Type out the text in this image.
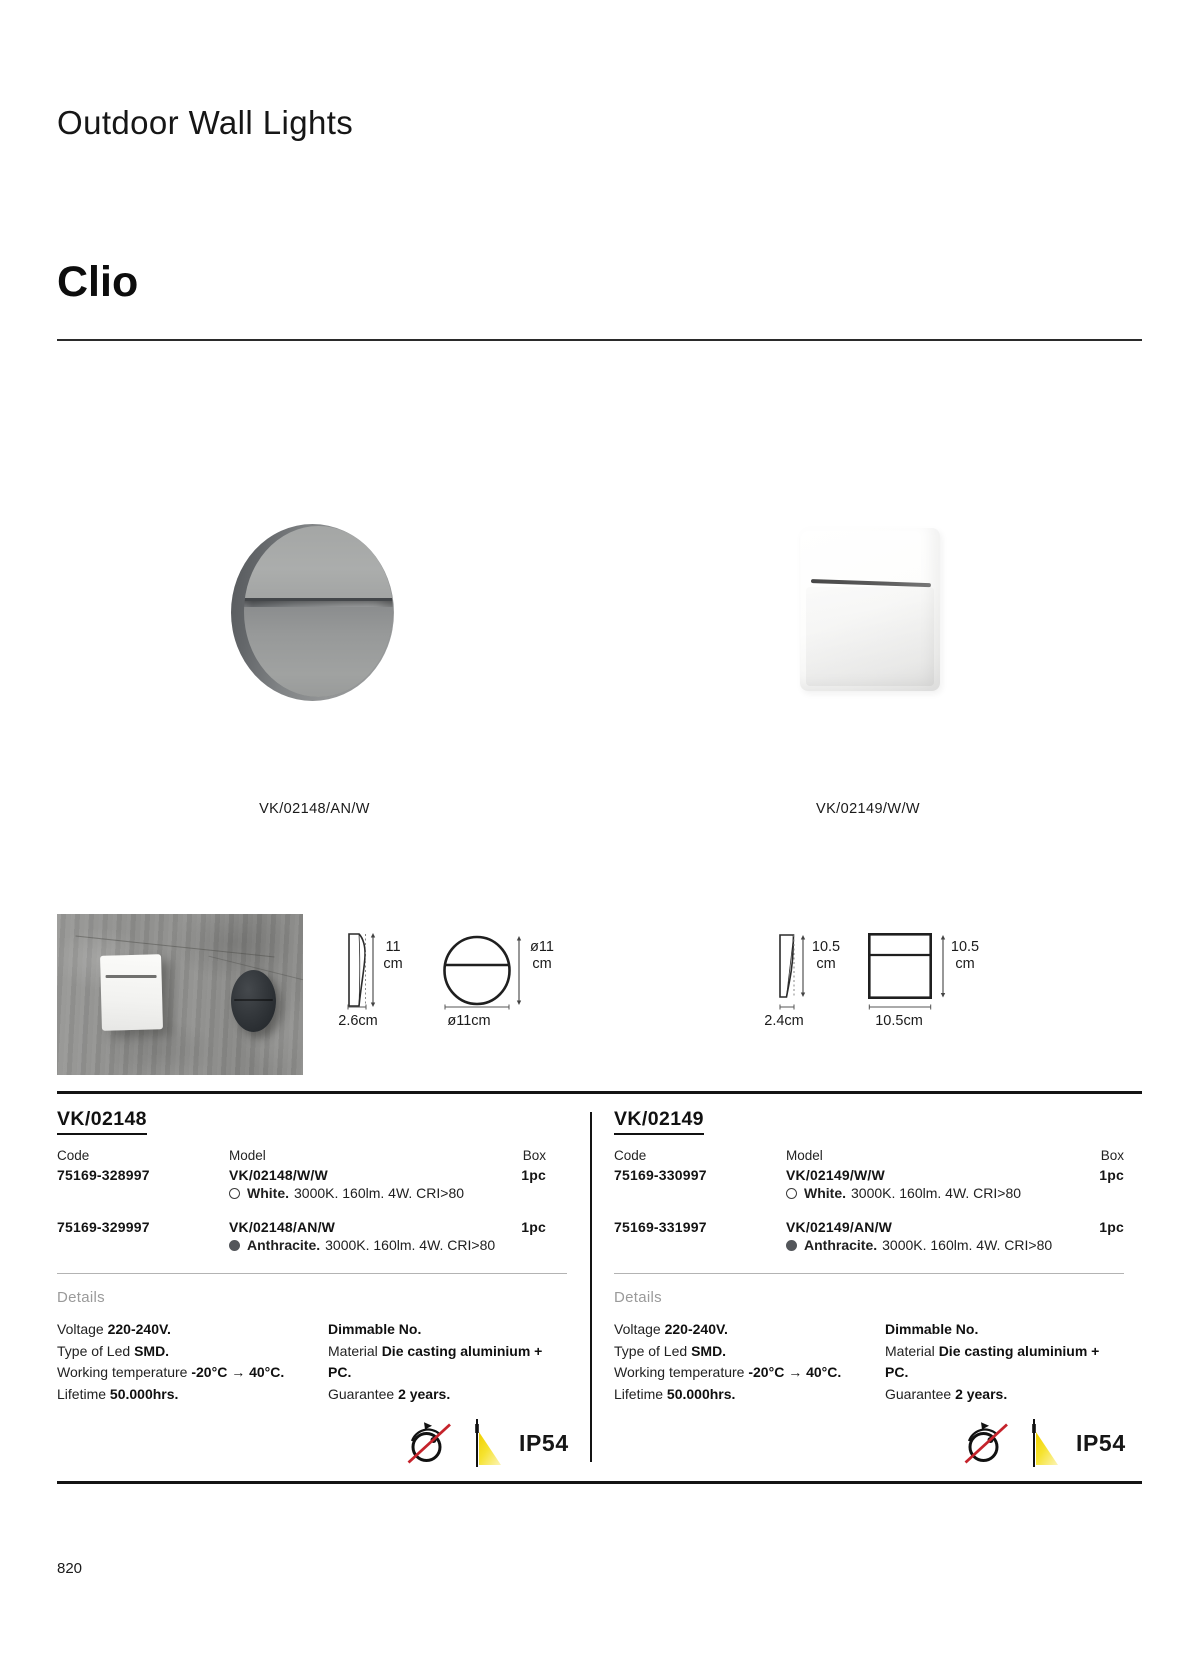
Outdoor Wall Lights
Clio
VK/02148/AN/W	VK/02149/W/W
11
cm
2.6cm
ø11
cm
ø11cm
10.5
cm
2.4cm
10.5
cm
10.5cm
VK/02148
Code	Model	Box
75169-328997	VK/02148/W/W	1pc
White. 3000K. 160lm. 4W. CRI>80
75169-329997	VK/02148/AN/W	1pc
Anthracite. 3000K. 160lm. 4W. CRI>80
Details
Voltage 220-240V.
Type of Led SMD.
Working temperature -20°C → 40°C.
Lifetime 50.000hrs.
Dimmable No.
Material Die casting aluminium + PC.
Guarantee 2 years.
VK/02149
Code	Model	Box
75169-330997	VK/02149/W/W	1pc
White. 3000K. 160lm. 4W. CRI>80
75169-331997	VK/02149/AN/W	1pc
Anthracite. 3000K. 160lm. 4W. CRI>80
Details
Voltage 220-240V.
Type of Led SMD.
Working temperature -20°C → 40°C.
Lifetime 50.000hrs.
Dimmable No.
Material Die casting aluminium + PC.
Guarantee 2 years.
IP54	IP54
820
